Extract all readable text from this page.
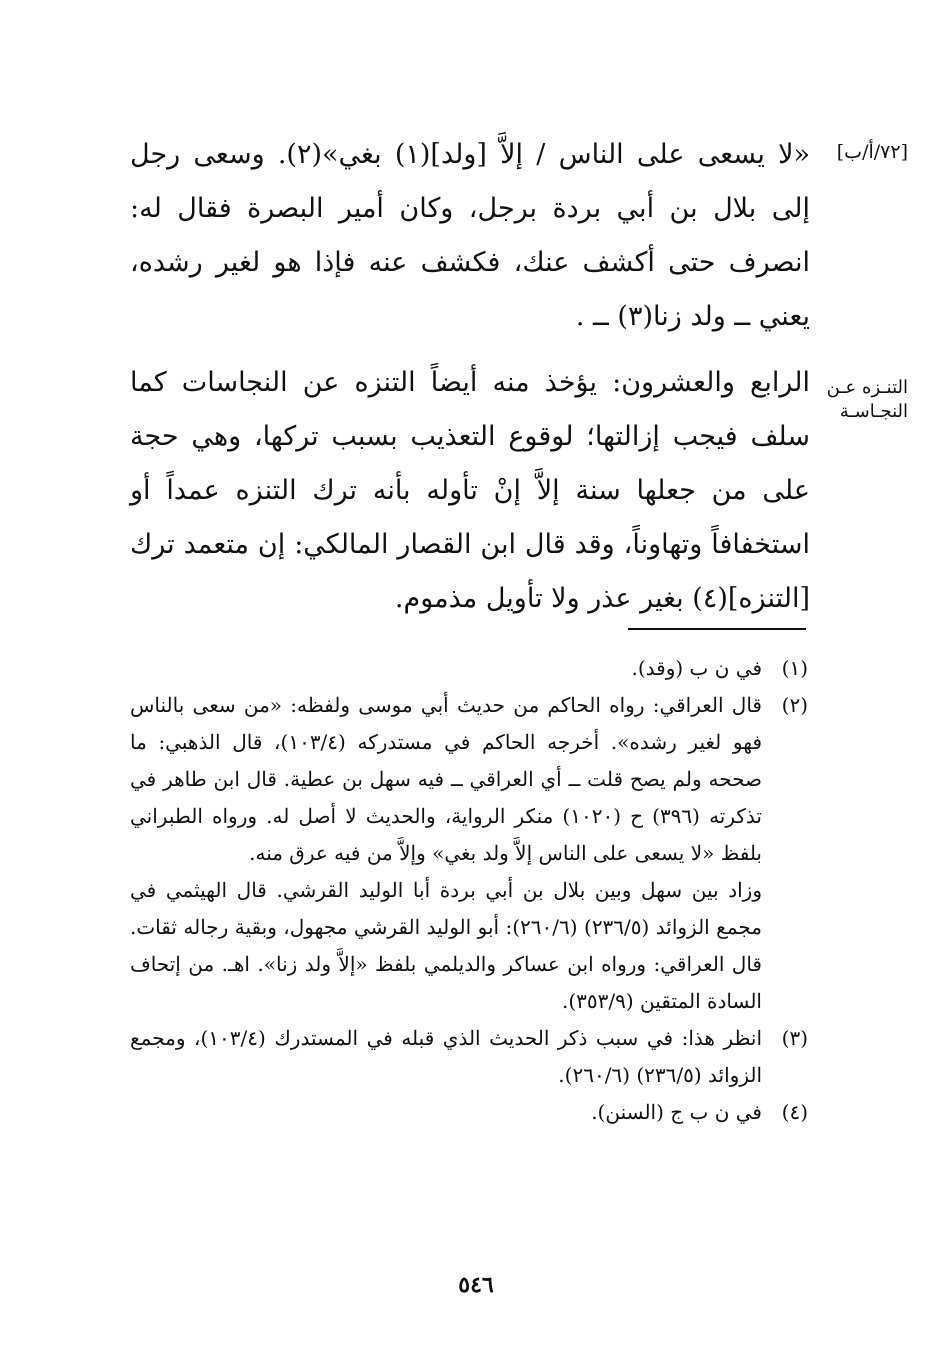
[٧٢/أ/ب]
«لا يسعى على الناس / إلاَّ [ولد](١) بغي»(٢). وسعى رجل إلى بلال بن أبي بردة برجل، وكان أمير البصرة فقال له: انصرف حتى أكشف عنك، فكشف عنه فإذا هو لغير رشده، يعني ــ ولد زنا(٣) ــ .
التنـزه عـن
النجـاسـة
الرابع والعشرون: يؤخذ منه أيضاً التنزه عن النجاسات كما سلف فيجب إزالتها؛ لوقوع التعذيب بسبب تركها، وهي حجة على من جعلها سنة إلاَّ إنْ تأوله بأنه ترك التنزه عمداً أو استخفافاً وتهاوناً، وقد قال ابن القصار المالكي: إن متعمد ترك [التنزه](٤) بغير عذر ولا تأويل مذموم.
(١)
في ن ب (وقد).
(٢)
قال العراقي: رواه الحاكم من حديث أبي موسى ولفظه: «من سعى بالناس فهو لغير رشده». أخرجه الحاكم في مستدركه (١٠٣/٤)، قال الذهبي: ما صححه ولم يصح قلت ــ أي العراقي ــ فيه سهل بن عطية. قال ابن طاهر في تذكرته (٣٩٦) ح (١٠٢٠) منكر الرواية، والحديث لا أصل له. ورواه الطبراني بلفظ «لا يسعى على الناس إلاَّ ولد بغي» وإلاَّ من فيه عرق منه.
وزاد بين سهل وبين بلال بن أبي بردة أبا الوليد القرشي. قال الهيثمي في مجمع الزوائد (٢٣٦/٥) (٢٦٠/٦): أبو الوليد القرشي مجهول، وبقية رجاله ثقات. قال العراقي: ورواه ابن عساكر والديلمي بلفظ «إلاَّ ولد زنا». اهـ. من إتحاف السادة المتقين (٣٥٣/٩).
(٣)
انظر هذا: في سبب ذكر الحديث الذي قبله في المستدرك (١٠٣/٤)، ومجمع الزوائد (٢٣٦/٥) (٢٦٠/٦).
(٤)
في ن ب ج (السنن).
٥٤٦
